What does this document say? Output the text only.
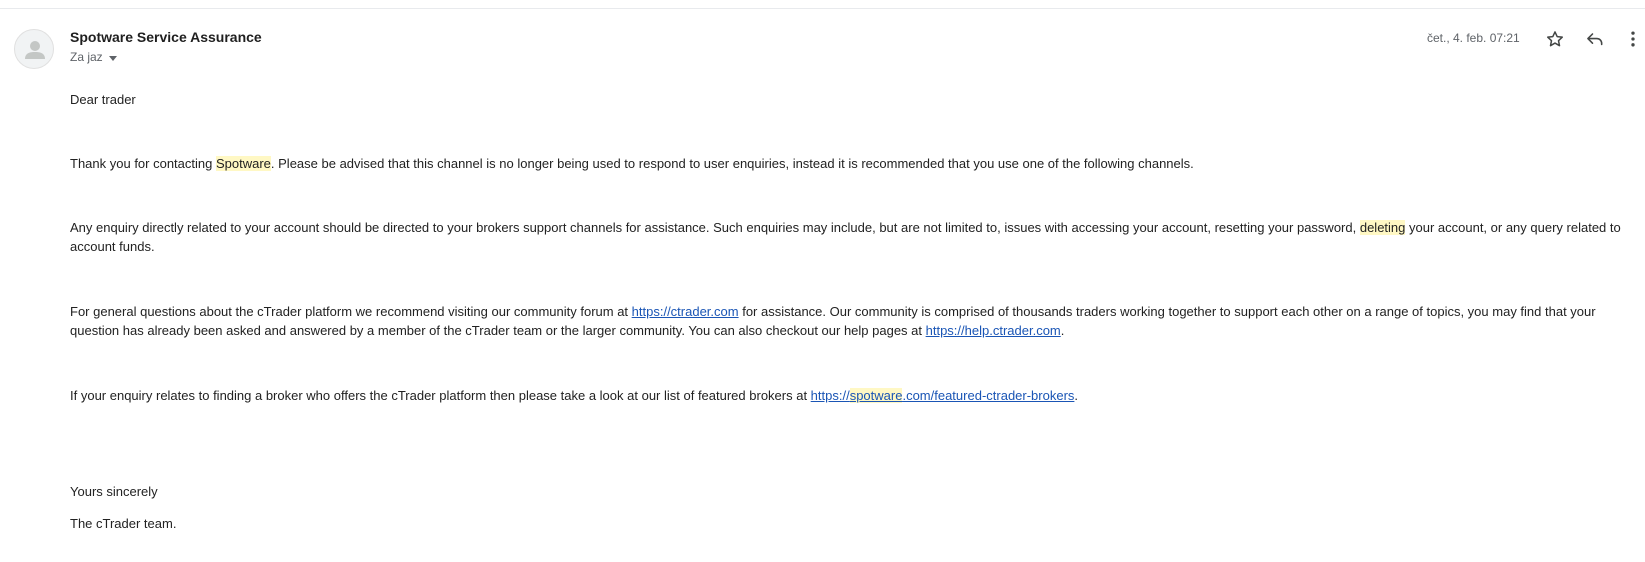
Spotware Service Assurance
Za jaz
čet., 4. feb. 07:21

Dear trader

Thank you for contacting Spotware. Please be advised that this channel is no longer being used to respond to user enquiries, instead it is recommended that you use one of the following channels.

Any enquiry directly related to your account should be directed to your brokers support channels for assistance. Such enquiries may include, but are not limited to, issues with accessing your account, resetting your password, deleting your account, or any query related to account funds.

For general questions about the cTrader platform we recommend visiting our community forum at https://ctrader.com for assistance. Our community is comprised of thousands traders working together to support each other on a range of topics, you may find that your question has already been asked and answered by a member of the cTrader team or the larger community. You can also checkout our help pages at https://help.ctrader.com.

If your enquiry relates to finding a broker who offers the cTrader platform then please take a look at our list of featured brokers at https://spotware.com/featured-ctrader-brokers.

Yours sincerely

The cTrader team.
